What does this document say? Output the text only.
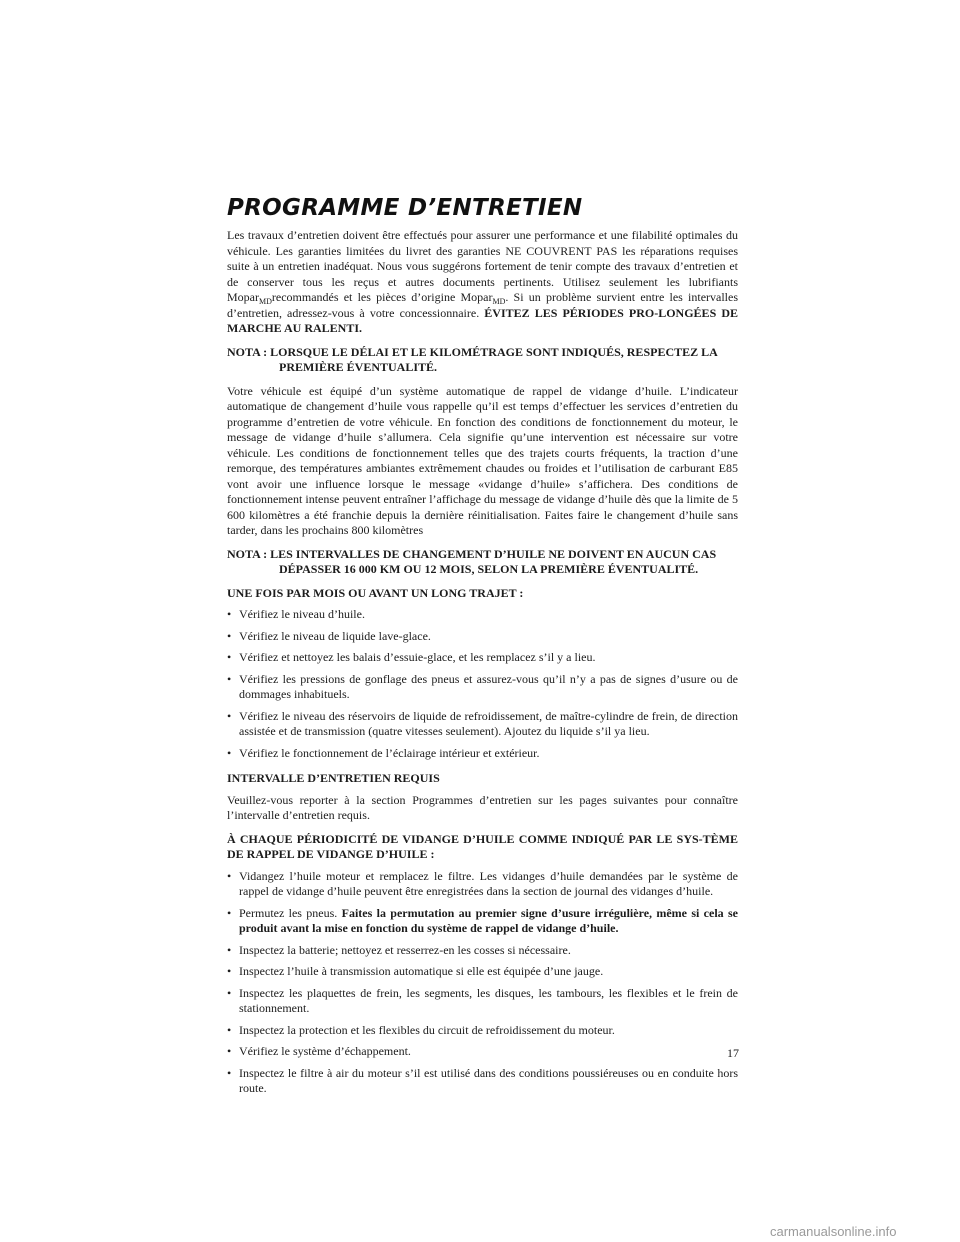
PROGRAMME D’ENTRETIEN

Les travaux d’entretien doivent être effectués pour assurer une performance et une filabilité optimales du véhicule. Les garanties limitées du livret des garanties NE COUVRENT PAS les réparations requises suite à un entretien inadéquat. Nous vous suggérons fortement de tenir compte des travaux d’entretien et de conserver tous les reçus et autres documents pertinents. Utilisez seulement les lubrifiants Mopar$_{MD}$recommandés et les pièces d’origine Mopar$_{MD}$. Si un problème survient entre les intervalles d’entretien, adressez-vous à votre concessionnaire. ÉVITEZ LES PÉRIODES PRO-LONGÉES DE MARCHE AU RALENTI.

NOTA : LORSQUE LE DÉLAI ET LE KILOMÉTRAGE SONT INDIQUÉS, RESPECTEZ LA PREMIÈRE ÉVENTUALITÉ.

Votre véhicule est équipé d’un système automatique de rappel de vidange d’huile. L’indicateur automatique de changement d’huile vous rappelle qu’il est temps d’effectuer les services d’entretien du programme d’entretien de votre véhicule. En fonction des conditions de fonctionnement du moteur, le message de vidange d’huile s’allumera. Cela signifie qu’une intervention est nécessaire sur votre véhicule. Les conditions de fonctionnement telles que des trajets courts fréquents, la traction d’une remorque, des températures ambiantes extrêmement chaudes ou froides et l’utilisation de carburant E85 vont avoir une influence lorsque le message «vidange d’huile» s’affichera. Des conditions de fonctionnement intense peuvent entraîner l’affichage du message de vidange d’huile dès que la limite de 5 600 kilomètres a été franchie depuis la dernière réinitialisation. Faites faire le changement d’huile sans tarder, dans les prochains 800 kilomètres

NOTA : LES INTERVALLES DE CHANGEMENT D’HUILE NE DOIVENT EN AUCUN CAS DÉPASSER 16 000 KM OU 12 MOIS, SELON LA PREMIÈRE ÉVENTUALITÉ.

UNE FOIS PAR MOIS OU AVANT UN LONG TRAJET :
• Vérifiez le niveau d’huile.
• Vérifiez le niveau de liquide lave-glace.
• Vérifiez et nettoyez les balais d’essuie-glace, et les remplacez s’il y a lieu.
• Vérifiez les pressions de gonflage des pneus et assurez-vous qu’il n’y a pas de signes d’usure ou de dommages inhabituels.
• Vérifiez le niveau des réservoirs de liquide de refroidissement, de maître-cylindre de frein, de direction assistée et de transmission (quatre vitesses seulement). Ajoutez du liquide s’il ya lieu.
• Vérifiez le fonctionnement de l’éclairage intérieur et extérieur.
INTERVALLE D’ENTRETIEN REQUIS

Veuillez-vous reporter à la section Programmes d’entretien sur les pages suivantes pour connaître l’intervalle d’entretien requis.

À CHAQUE PÉRIODICITÉ DE VIDANGE D’HUILE COMME INDIQUÉ PAR LE SYS-TÈME DE RAPPEL DE VIDANGE D’HUILE :
• Vidangez l’huile moteur et remplacez le filtre. Les vidanges d’huile demandées par le système de rappel de vidange d’huile peuvent être enregistrées dans la section de journal des vidanges d’huile.
• Permutez les pneus. Faites la permutation au premier signe d’usure irrégulière, même si cela se produit avant la mise en fonction du système de rappel de vidange d’huile.
• Inspectez la batterie; nettoyez et resserrez-en les cosses si nécessaire.
• Inspectez l’huile à transmission automatique si elle est équipée d’une jauge.
• Inspectez les plaquettes de frein, les segments, les disques, les tambours, les flexibles et le frein de stationnement.
• Inspectez la protection et les flexibles du circuit de refroidissement du moteur.
• Vérifiez le système d’échappement.
• Inspectez le filtre à air du moteur s’il est utilisé dans des conditions poussiéreuses ou en conduite hors route.
17
carmanualsonline.info
